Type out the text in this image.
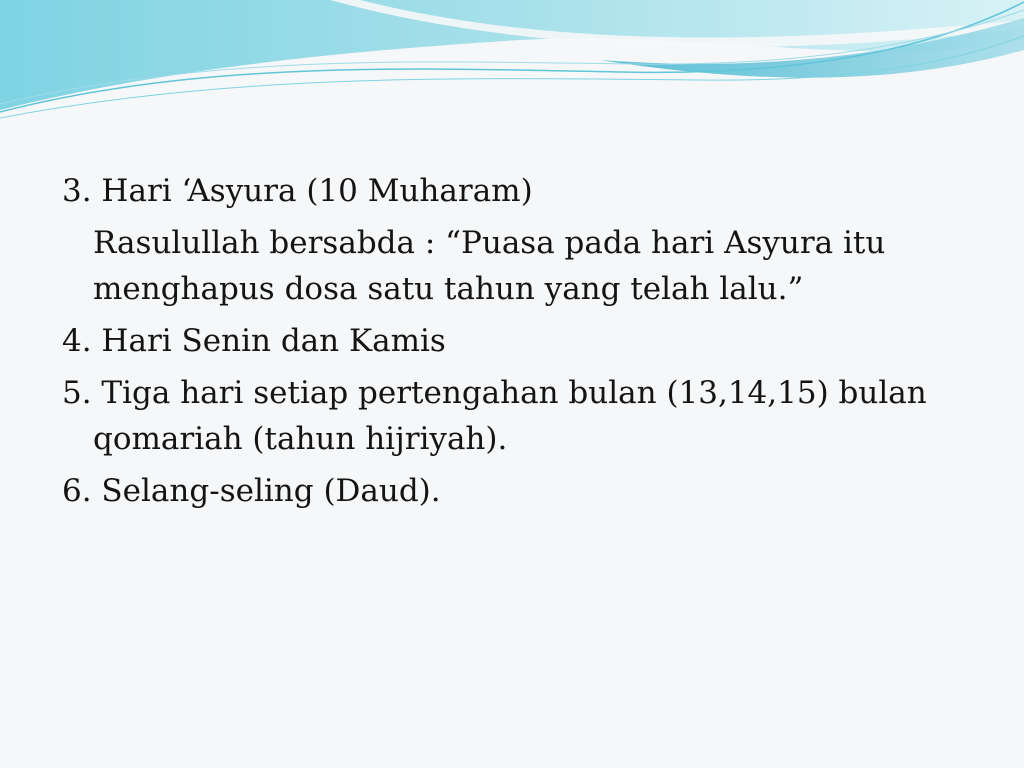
3. Hari ‘Asyura (10 Muharam)
Rasulullah bersabda : “Puasa pada hari Asyura itu menghapus dosa satu tahun yang telah lalu.”
4. Hari Senin dan Kamis
5. Tiga hari setiap pertengahan bulan (13,14,15) bulan qomariah (tahun hijriyah).
6. Selang-seling (Daud).
